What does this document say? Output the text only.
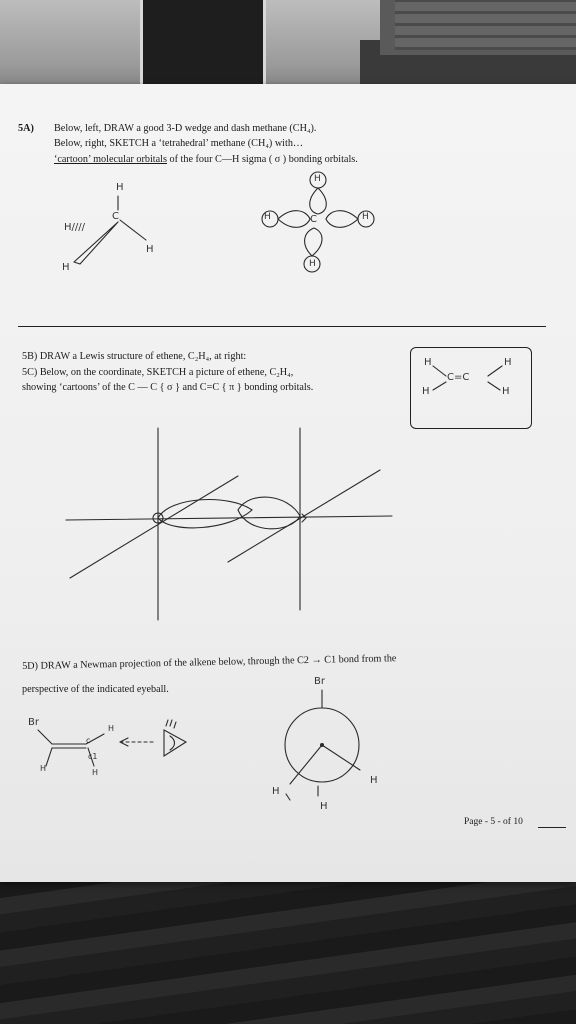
5A) Below, left, DRAW a good 3-D wedge and dash methane (CH₄).
Below, right, SKETCH a ‘tetrahedral’ methane (CH₄) with…
‘cartoon’ molecular orbitals of the four C—H sigma ( σ ) bonding orbitals.
H
H////
C
H
H
H
H	C	H
H
5B) DRAW a Lewis structure of ethene, C₂H₄, at right:
5C) Below, on the coordinate, SKETCH a picture of ethene, C₂H₄,
showing ‘cartoons’ of the C — C { σ } and C=C { π } bonding orbitals.
H	H
C=C
H	H
5D) DRAW a Newman projection of the alkene below, through the C2 → C1 bond from the
perspective of the indicated eyeball.
Br
H
c
c1
H	H
Br
H
H
H
Page - 5 - of 10
